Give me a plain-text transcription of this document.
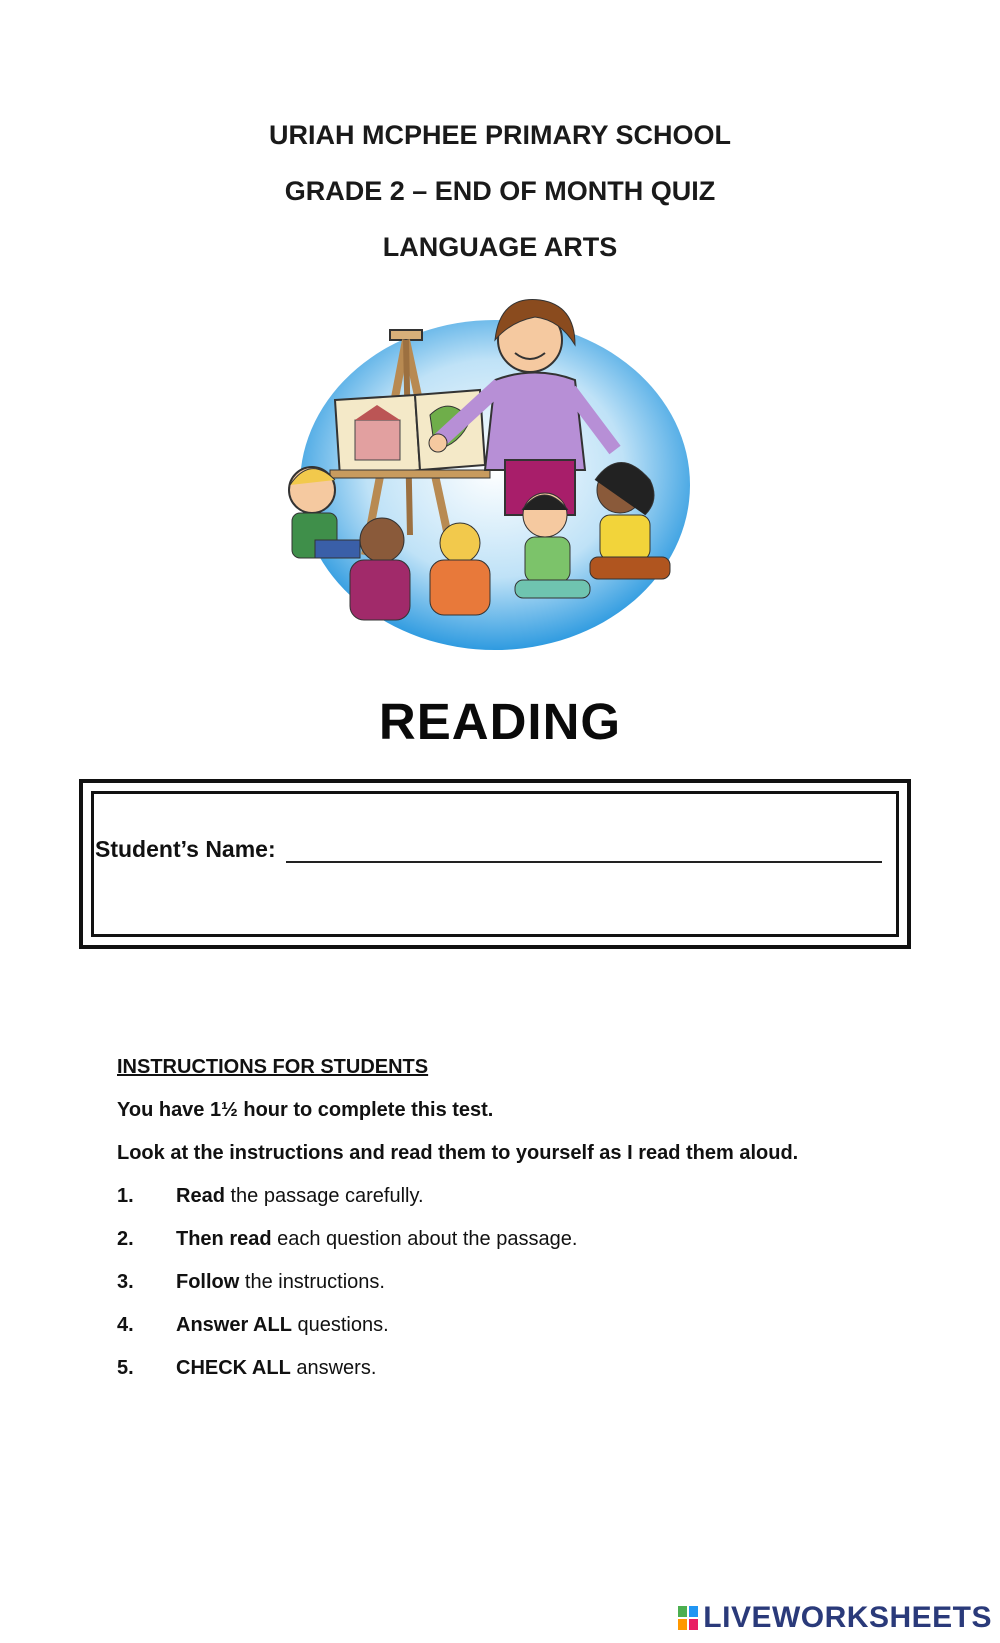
URIAH MCPHEE PRIMARY SCHOOL
GRADE 2 – END OF MONTH QUIZ
LANGUAGE ARTS
READING
Student’s Name:
INSTRUCTIONS FOR STUDENTS
You have 1½ hour to complete this test.
Look at the instructions and read them to yourself as I read them aloud.
1. Read the passage carefully.
2. Then read each question about the passage.
3. Follow the instructions.
4. Answer ALL questions.
5. CHECK ALL answers.
LIVEWORKSHEETS
